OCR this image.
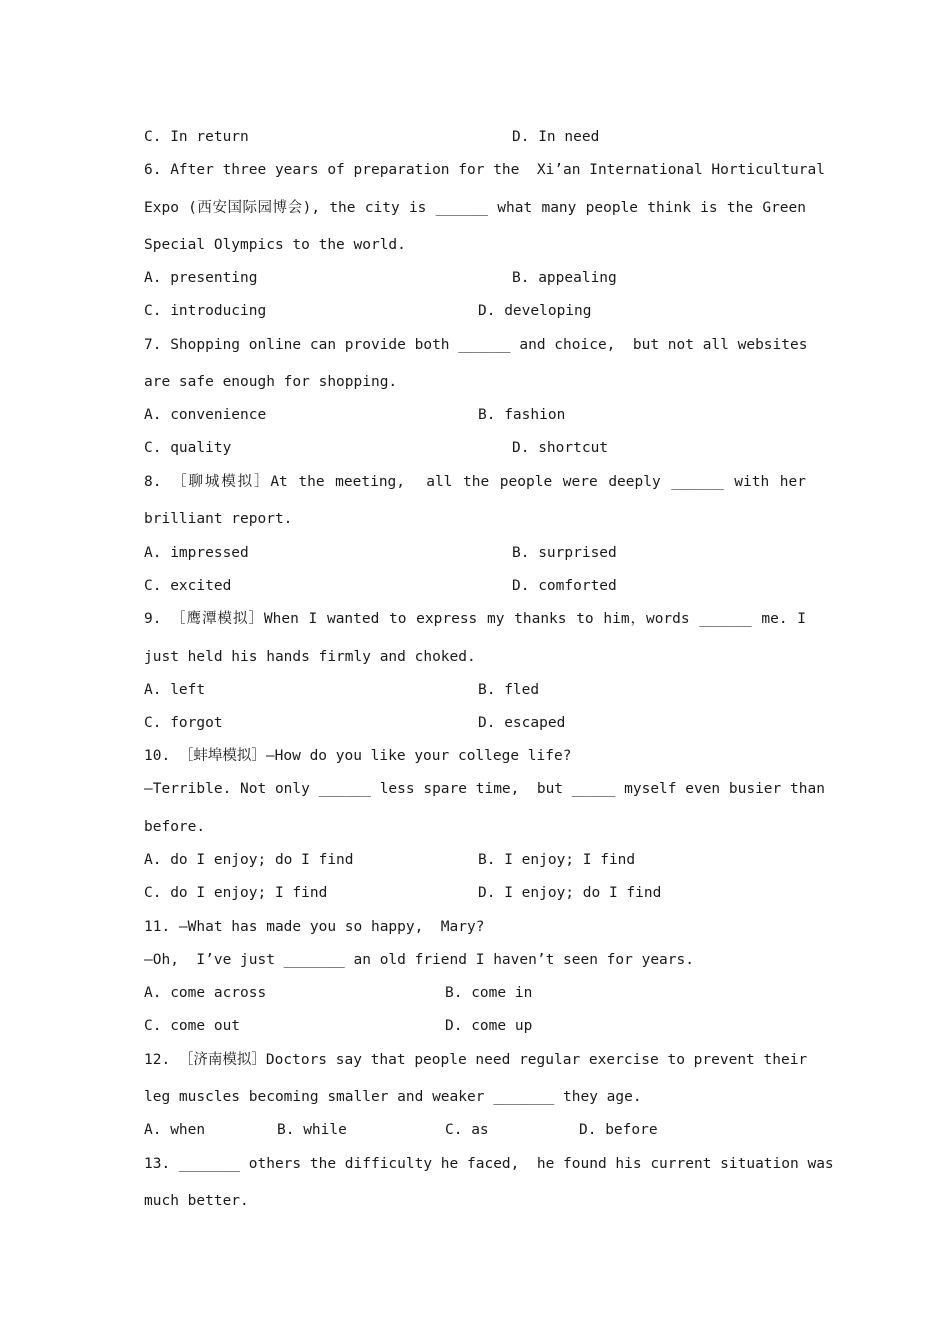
C. In return	D. In need
6. After three years of preparation for the  Xi’an International Horticultural
Expo (西安国际园博会), the city is ______ what many people think is the Green
Special Olympics to the world.
A. presenting	B. appealing
C. introducing	D. developing
7. Shopping online can provide both ______ and choice,  but not all websites
are safe enough for shopping.
A. convenience	B. fashion
C. quality	D. shortcut
8. ［聊城模拟］At the meeting,  all the people were deeply ______ with her
brilliant report.
A. impressed	B. surprised
C. excited	D. comforted
9. ［鹰潭模拟］When I wanted to express my thanks to him，words ______ me. I
just held his hands firmly and choked.
A. left	B. fled
C. forgot	D. escaped
10. ［蚌埠模拟］—How do you like your college life?
—Terrible. Not only ______ less spare time,  but _____ myself even busier than
before.
A. do I enjoy; do I find	B. I enjoy; I find
C. do I enjoy; I find	D. I enjoy; do I find
11. —What has made you so happy,  Mary?
—Oh,  I’ve just _______ an old friend I haven’t seen for years.
A. come across	B. come in
C. come out	D. come up
12. ［济南模拟］Doctors say that people need regular exercise to prevent their
leg muscles becoming smaller and weaker _______ they age.
A. when	B. while	C. as	D. before
13. _______ others the difficulty he faced,  he found his current situation was
much better.
